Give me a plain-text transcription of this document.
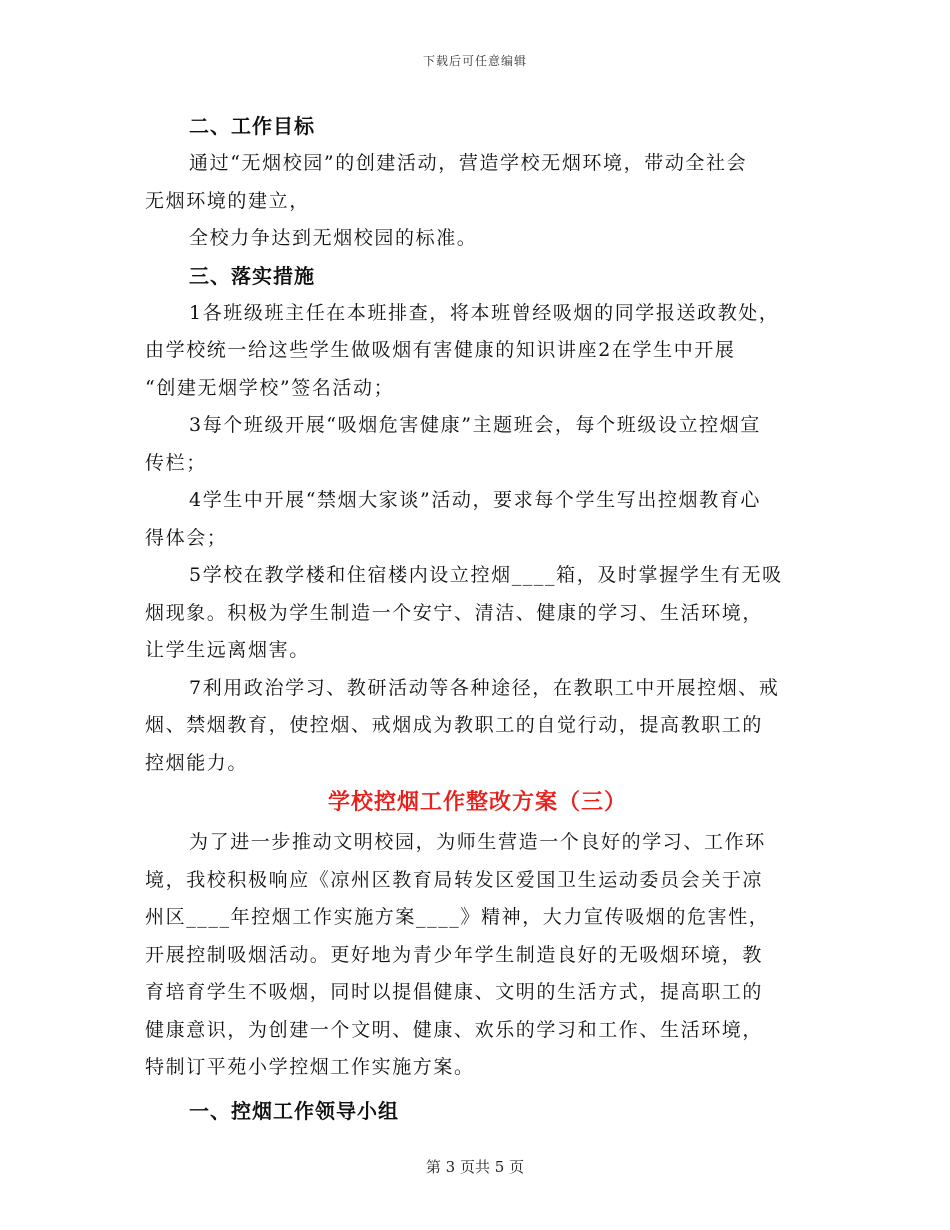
下载后可任意编辑
二、工作目标
通过“无烟校园”的创建活动，营造学校无烟环境，带动全社会
无烟环境的建立，
全校力争达到无烟校园的标准。
三、落实措施
1各班级班主任在本班排查，将本班曾经吸烟的同学报送政教处，
由学校统一给这些学生做吸烟有害健康的知识讲座2在学生中开展
“创建无烟学校”签名活动；
3每个班级开展“吸烟危害健康”主题班会，每个班级设立控烟宣
传栏；
4学生中开展“禁烟大家谈”活动，要求每个学生写出控烟教育心
得体会；
5学校在教学楼和住宿楼内设立控烟____箱，及时掌握学生有无吸
烟现象。积极为学生制造一个安宁、清洁、健康的学习、生活环境，
让学生远离烟害。
7利用政治学习、教研活动等各种途径，在教职工中开展控烟、戒
烟、禁烟教育，使控烟、戒烟成为教职工的自觉行动，提高教职工的
控烟能力。
学校控烟工作整改方案（三）
为了进一步推动文明校园，为师生营造一个良好的学习、工作环
境，我校积极响应《凉州区教育局转发区爱国卫生运动委员会关于凉
州区____年控烟工作实施方案____》精神，大力宣传吸烟的危害性，
开展控制吸烟活动。更好地为青少年学生制造良好的无吸烟环境，教
育培育学生不吸烟，同时以提倡健康、文明的生活方式，提高职工的
健康意识，为创建一个文明、健康、欢乐的学习和工作、生活环境，
特制订平苑小学控烟工作实施方案。
一、控烟工作领导小组
第 3 页共 5 页
